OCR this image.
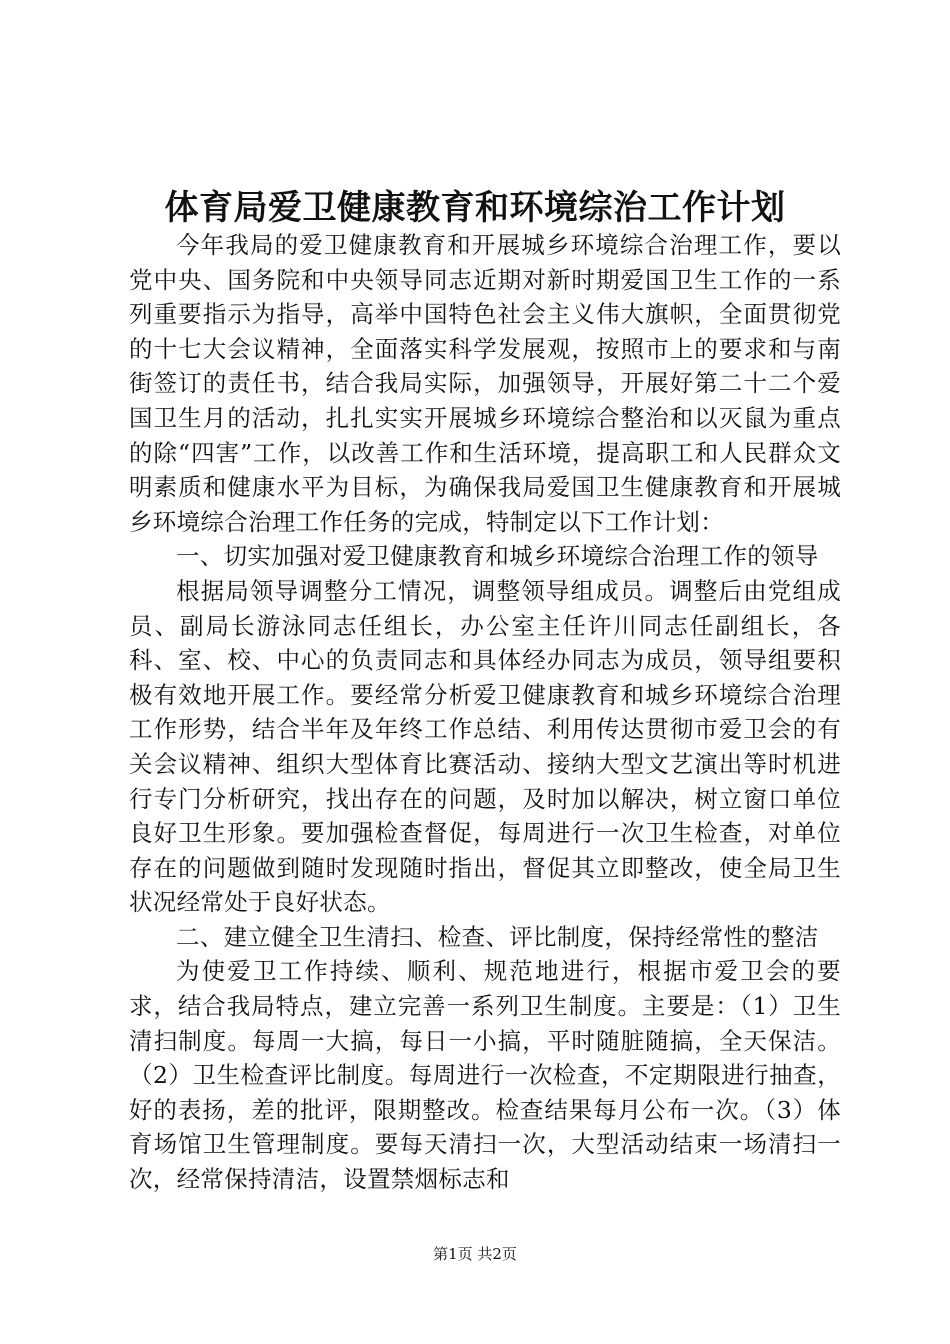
体育局爱卫健康教育和环境综治工作计划

今年我局的爱卫健康教育和开展城乡环境综合治理工作，要以党中央、国务院和中央领导同志近期对新时期爱国卫生工作的一系列重要指示为指导，高举中国特色社会主义伟大旗帜，全面贯彻党的十七大会议精神，全面落实科学发展观，按照市上的要求和与南街签订的责任书，结合我局实际，加强领导，开展好第二十二个爱国卫生月的活动，扎扎实实开展城乡环境综合整治和以灭鼠为重点的除“四害”工作，以改善工作和生活环境，提高职工和人民群众文明素质和健康水平为目标，为确保我局爱国卫生健康教育和开展城乡环境综合治理工作任务的完成，特制定以下工作计划：

一、切实加强对爱卫健康教育和城乡环境综合治理工作的领导

根据局领导调整分工情况，调整领导组成员。调整后由党组成员、副局长游泳同志任组长，办公室主任许川同志任副组长，各科、室、校、中心的负责同志和具体经办同志为成员，领导组要积极有效地开展工作。要经常分析爱卫健康教育和城乡环境综合治理工作形势，结合半年及年终工作总结、利用传达贯彻市爱卫会的有关会议精神、组织大型体育比赛活动、接纳大型文艺演出等时机进行专门分析研究，找出存在的问题，及时加以解决，树立窗口单位良好卫生形象。要加强检查督促，每周进行一次卫生检查，对单位存在的问题做到随时发现随时指出，督促其立即整改，使全局卫生状况经常处于良好状态。

二、建立健全卫生清扫、检查、评比制度，保持经常性的整洁

为使爱卫工作持续、顺利、规范地进行，根据市爱卫会的要求，结合我局特点，建立完善一系列卫生制度。主要是：（1）卫生清扫制度。每周一大搞，每日一小搞，平时随脏随搞，全天保洁。（2）卫生检查评比制度。每周进行一次检查，不定期限进行抽查，好的表扬，差的批评，限期整改。检查结果每月公布一次。（3）体育场馆卫生管理制度。要每天清扫一次，大型活动结束一场清扫一次，经常保持清洁，设置禁烟标志和

第1页 共2页
